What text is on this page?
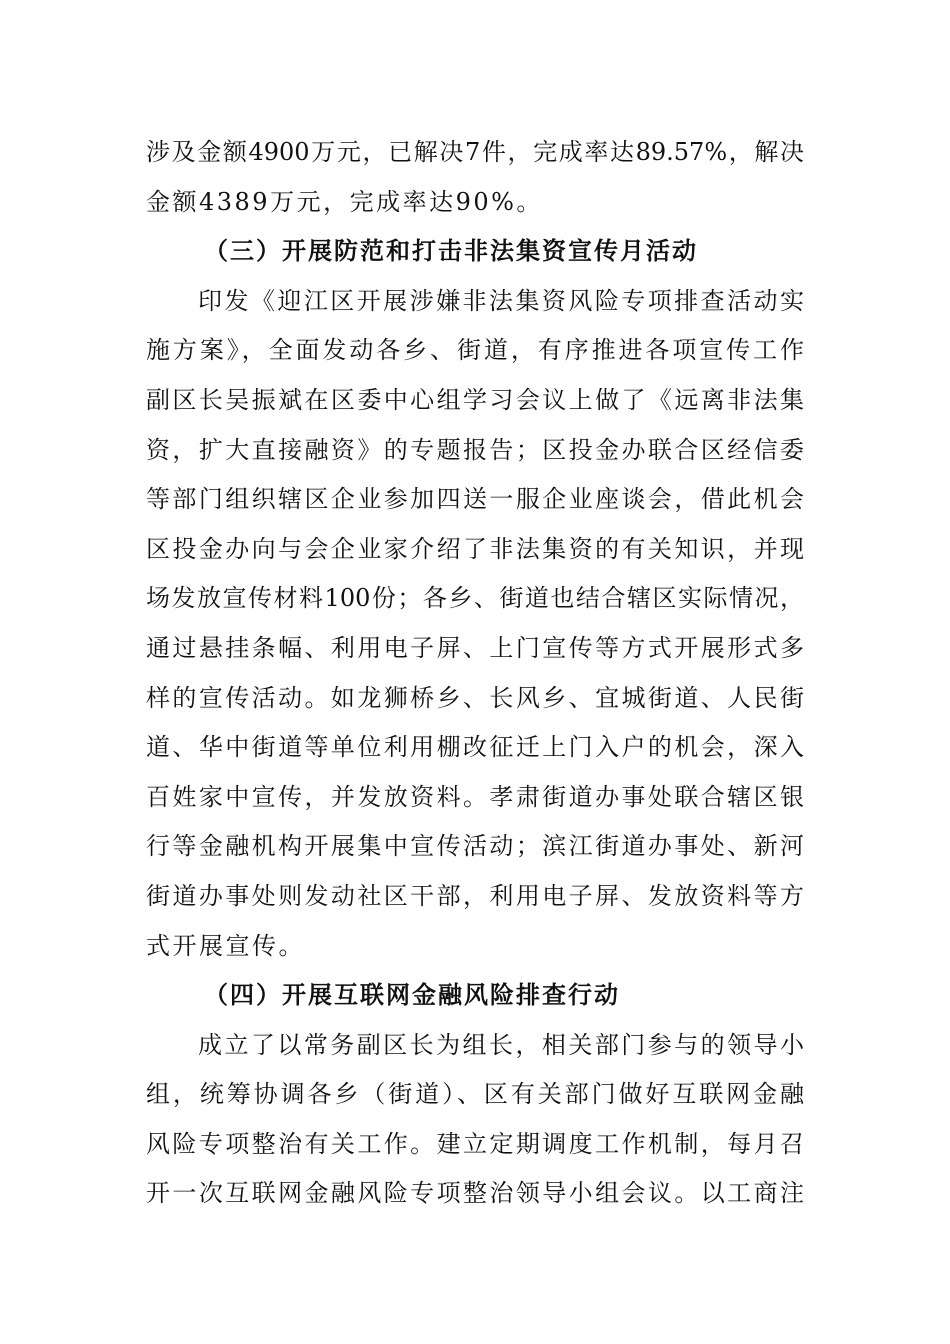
涉及金额4900万元，已解决7件，完成率达89.57%，解决
金额4389万元，完成率达90%。
（三）开展防范和打击非法集资宣传月活动
印发《迎江区开展涉嫌非法集资风险专项排查活动实
施方案》，全面发动各乡、街道，有序推进各项宣传工作
副区长吴振斌在区委中心组学习会议上做了《远离非法集
资，扩大直接融资》的专题报告；区投金办联合区经信委
等部门组织辖区企业参加四送一服企业座谈会，借此机会
区投金办向与会企业家介绍了非法集资的有关知识，并现
场发放宣传材料100份；各乡、街道也结合辖区实际情况，
通过悬挂条幅、利用电子屏、上门宣传等方式开展形式多
样的宣传活动。如龙狮桥乡、长风乡、宜城街道、人民街
道、华中街道等单位利用棚改征迁上门入户的机会，深入
百姓家中宣传，并发放资料。孝肃街道办事处联合辖区银
行等金融机构开展集中宣传活动；滨江街道办事处、新河
街道办事处则发动社区干部，利用电子屏、发放资料等方
式开展宣传。
（四）开展互联网金融风险排查行动
成立了以常务副区长为组长，相关部门参与的领导小
组，统筹协调各乡（街道）、区有关部门做好互联网金融
风险专项整治有关工作。建立定期调度工作机制，每月召
开一次互联网金融风险专项整治领导小组会议。以工商注
